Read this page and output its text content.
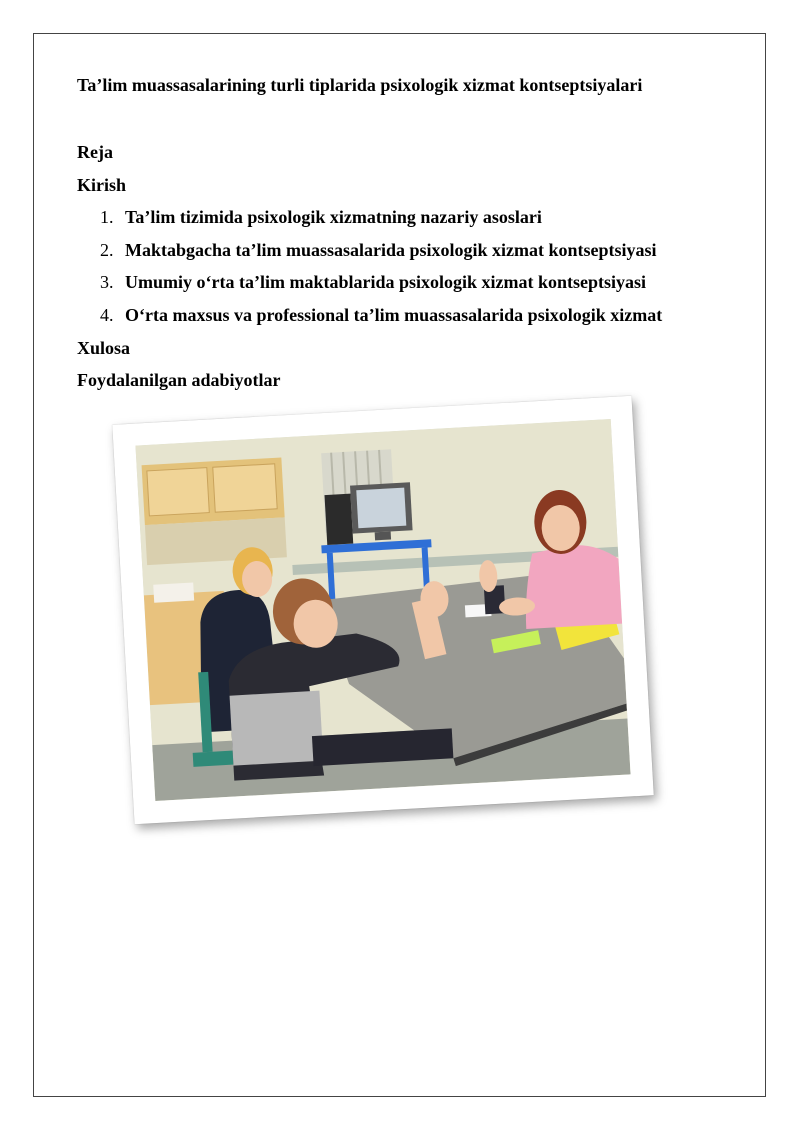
Ta’lim muassasalarining turli tiplarida psixologik xizmat kontseptsiyalari
Reja
Kirish
1. Ta’lim tizimida psixologik xizmatning nazariy asoslari
2. Maktabgacha ta’lim muassasalarida psixologik xizmat kontseptsiyasi
3. Umumiy o‘rta ta’lim maktablarida psixologik xizmat kontseptsiyasi
4. O‘rta maxsus va professional ta’lim muassasalarida psixologik xizmat
Xulosa
Foydalanilgan adabiyotlar
